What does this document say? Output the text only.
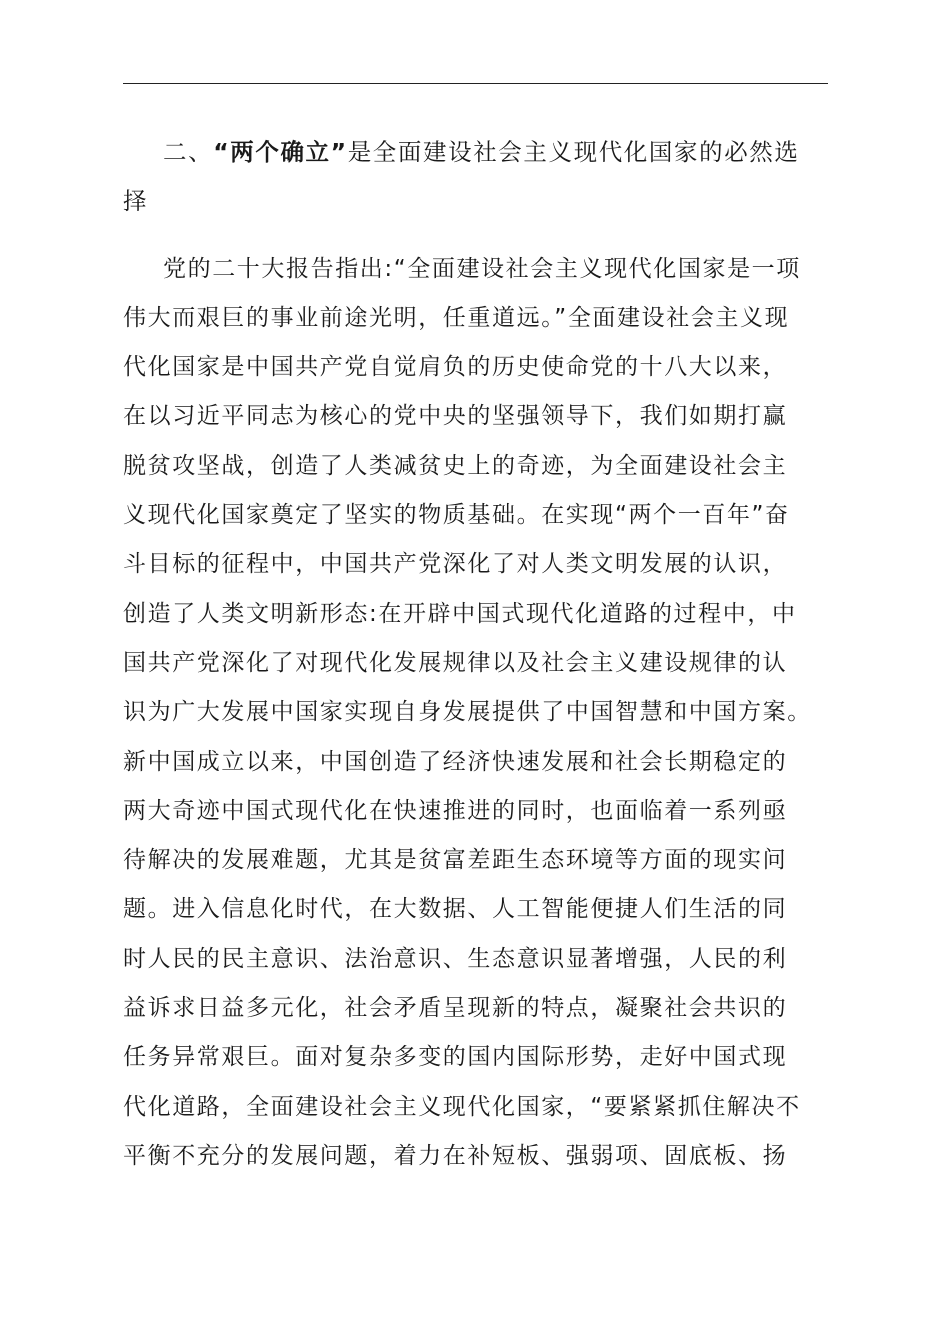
二、“两个确立”是全面建设社会主义现代化国家的必然选
择
党的二十大报告指出:“全面建设社会主义现代化国家是一项
伟大而艰巨的事业前途光明，任重道远。”全面建设社会主义现
代化国家是中国共产党自觉肩负的历史使命党的十八大以来，
在以习近平同志为核心的党中央的坚强领导下，我们如期打赢
脱贫攻坚战，创造了人类减贫史上的奇迹，为全面建设社会主
义现代化国家奠定了坚实的物质基础。在实现“两个一百年”奋
斗目标的征程中，中国共产党深化了对人类文明发展的认识，
创造了人类文明新形态:在开辟中国式现代化道路的过程中，中
国共产党深化了对现代化发展规律以及社会主义建设规律的认
识为广大发展中国家实现自身发展提供了中国智慧和中国方案。
新中国成立以来，中国创造了经济快速发展和社会长期稳定的
两大奇迹中国式现代化在快速推进的同时，也面临着一系列亟
待解决的发展难题，尤其是贫富差距生态环境等方面的现实问
题。进入信息化时代，在大数据、人工智能便捷人们生活的同
时人民的民主意识、法治意识、生态意识显著增强，人民的利
益诉求日益多元化，社会矛盾呈现新的特点，凝聚社会共识的
任务异常艰巨。面对复杂多变的国内国际形势，走好中国式现
代化道路，全面建设社会主义现代化国家，“要紧紧抓住解决不
平衡不充分的发展问题，着力在补短板、强弱项、固底板、扬
